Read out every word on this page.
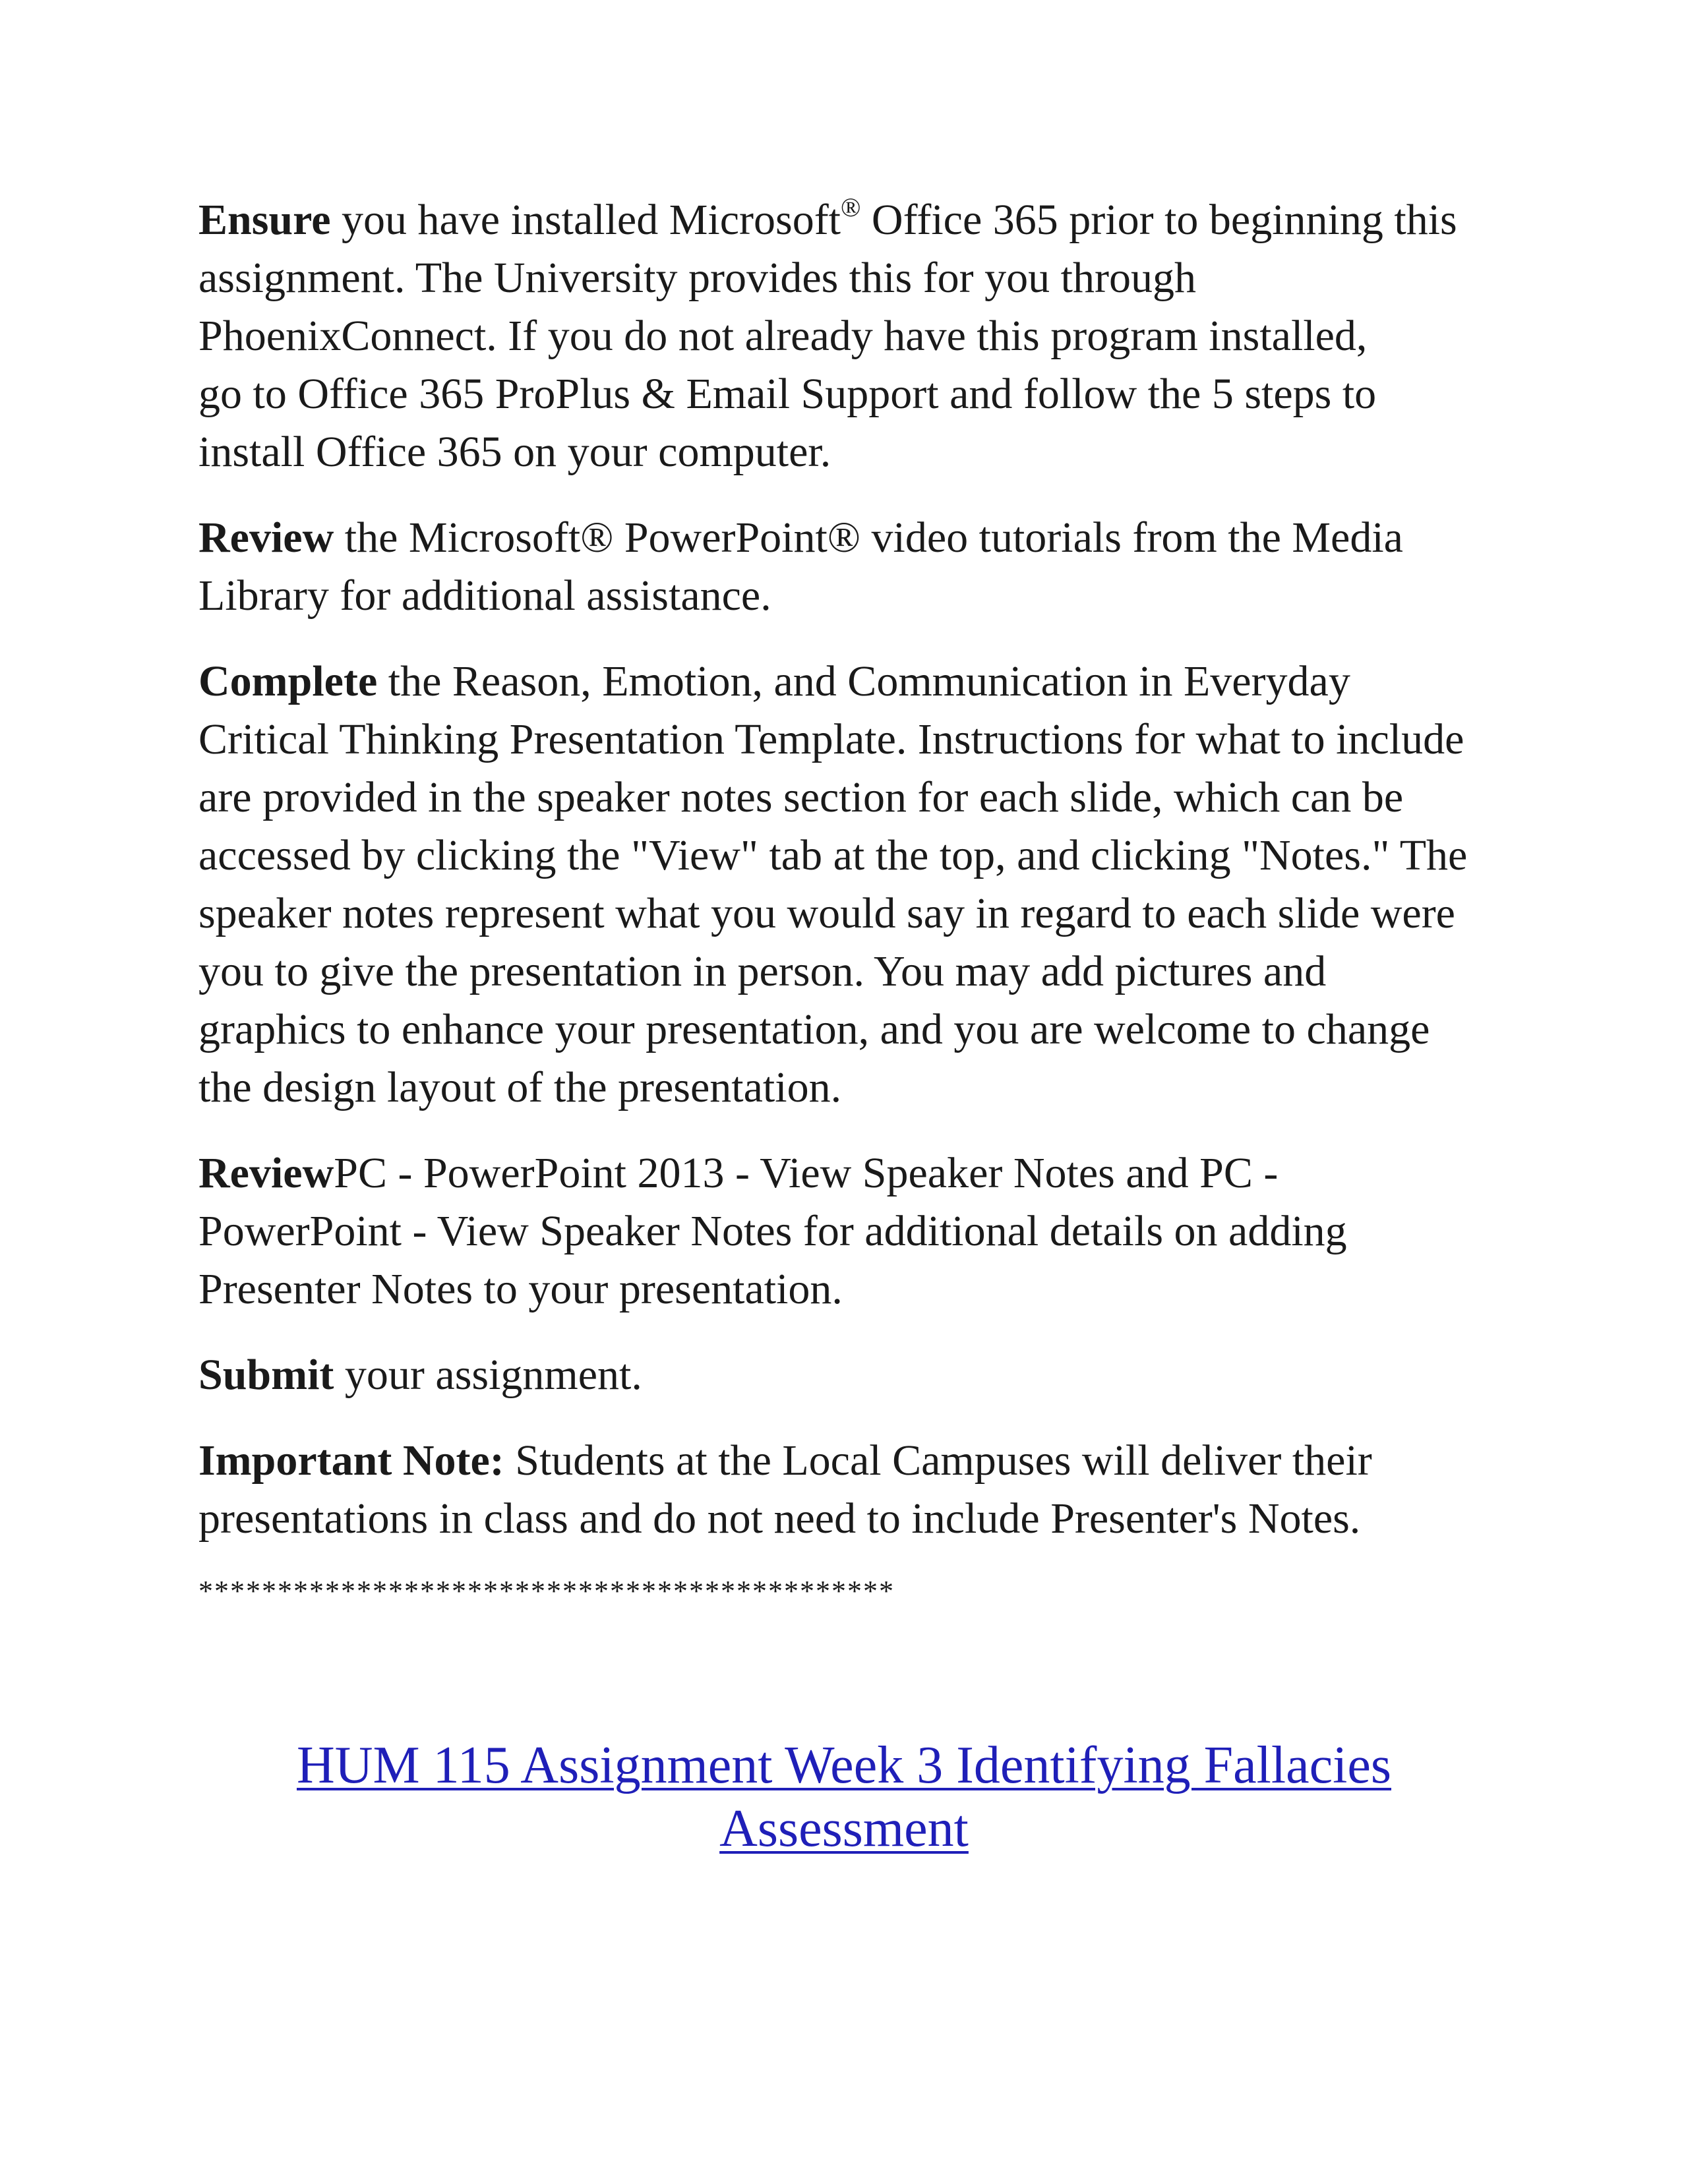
Ensure you have installed Microsoft® Office 365 prior to beginning this
assignment. The University provides this for you through
PhoenixConnect. If you do not already have this program installed,
go to Office 365 ProPlus & Email Support and follow the 5 steps to
install Office 365 on your computer.

Review the Microsoft® PowerPoint® video tutorials from the Media
Library for additional assistance.

Complete the Reason, Emotion, and Communication in Everyday
Critical Thinking Presentation Template. Instructions for what to include
are provided in the speaker notes section for each slide, which can be
accessed by clicking the "View" tab at the top, and clicking "Notes." The
speaker notes represent what you would say in regard to each slide were
you to give the presentation in person. You may add pictures and
graphics to enhance your presentation, and you are welcome to change
the design layout of the presentation.

ReviewPC - PowerPoint 2013 - View Speaker Notes and PC -
PowerPoint - View Speaker Notes for additional details on adding
Presenter Notes to your presentation.

Submit your assignment.

Important Note: Students at the Local Campuses will deliver their
presentations in class and do not need to include Presenter's Notes.

********************************************
HUM 115 Assignment Week 3 Identifying Fallacies
Assessment
